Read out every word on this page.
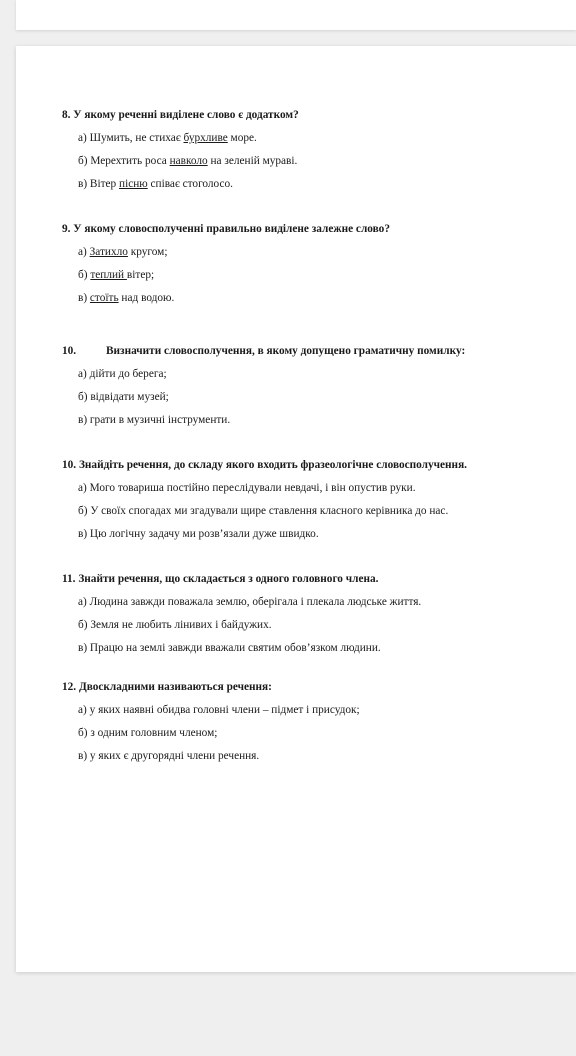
8. У якому реченні виділене слово є додатком?
а) Шумить, не стихає бурхливе море.
б) Мерехтить роса навколо на зеленій мураві.
в) Вітер пісню співає стоголосо.
9. У якому словосполученні правильно виділене залежне слово?
а) Затихло кругом;
б) теплий вітер;
в) стоїть над водою.
10.	Визначити словосполучення, в якому допущено граматичну помилку:
а) дійти до берега;
б) відвідати музей;
в) грати в музичні інструменти.
10. Знайдіть речення, до складу якого входить фразеологічне словосполучення.
а) Мого товариша постійно переслідували невдачі, і він опустив руки.
б) У своїх спогадах ми згадували щире ставлення класного керівника до нас.
в) Цю логічну задачу ми розв’язали дуже швидко.
11. Знайти речення, що складається з одного головного члена.
а) Людина завжди поважала землю, оберігала і плекала людське життя.
б) Земля не любить лінивих і байдужих.
в) Працю на землі завжди вважали святим обов’язком людини.
12. Двоскладними називаються речення:
а) у яких наявні обидва головні члени – підмет і присудок;
б) з одним головним членом;
в) у яких є другорядні члени речення.
